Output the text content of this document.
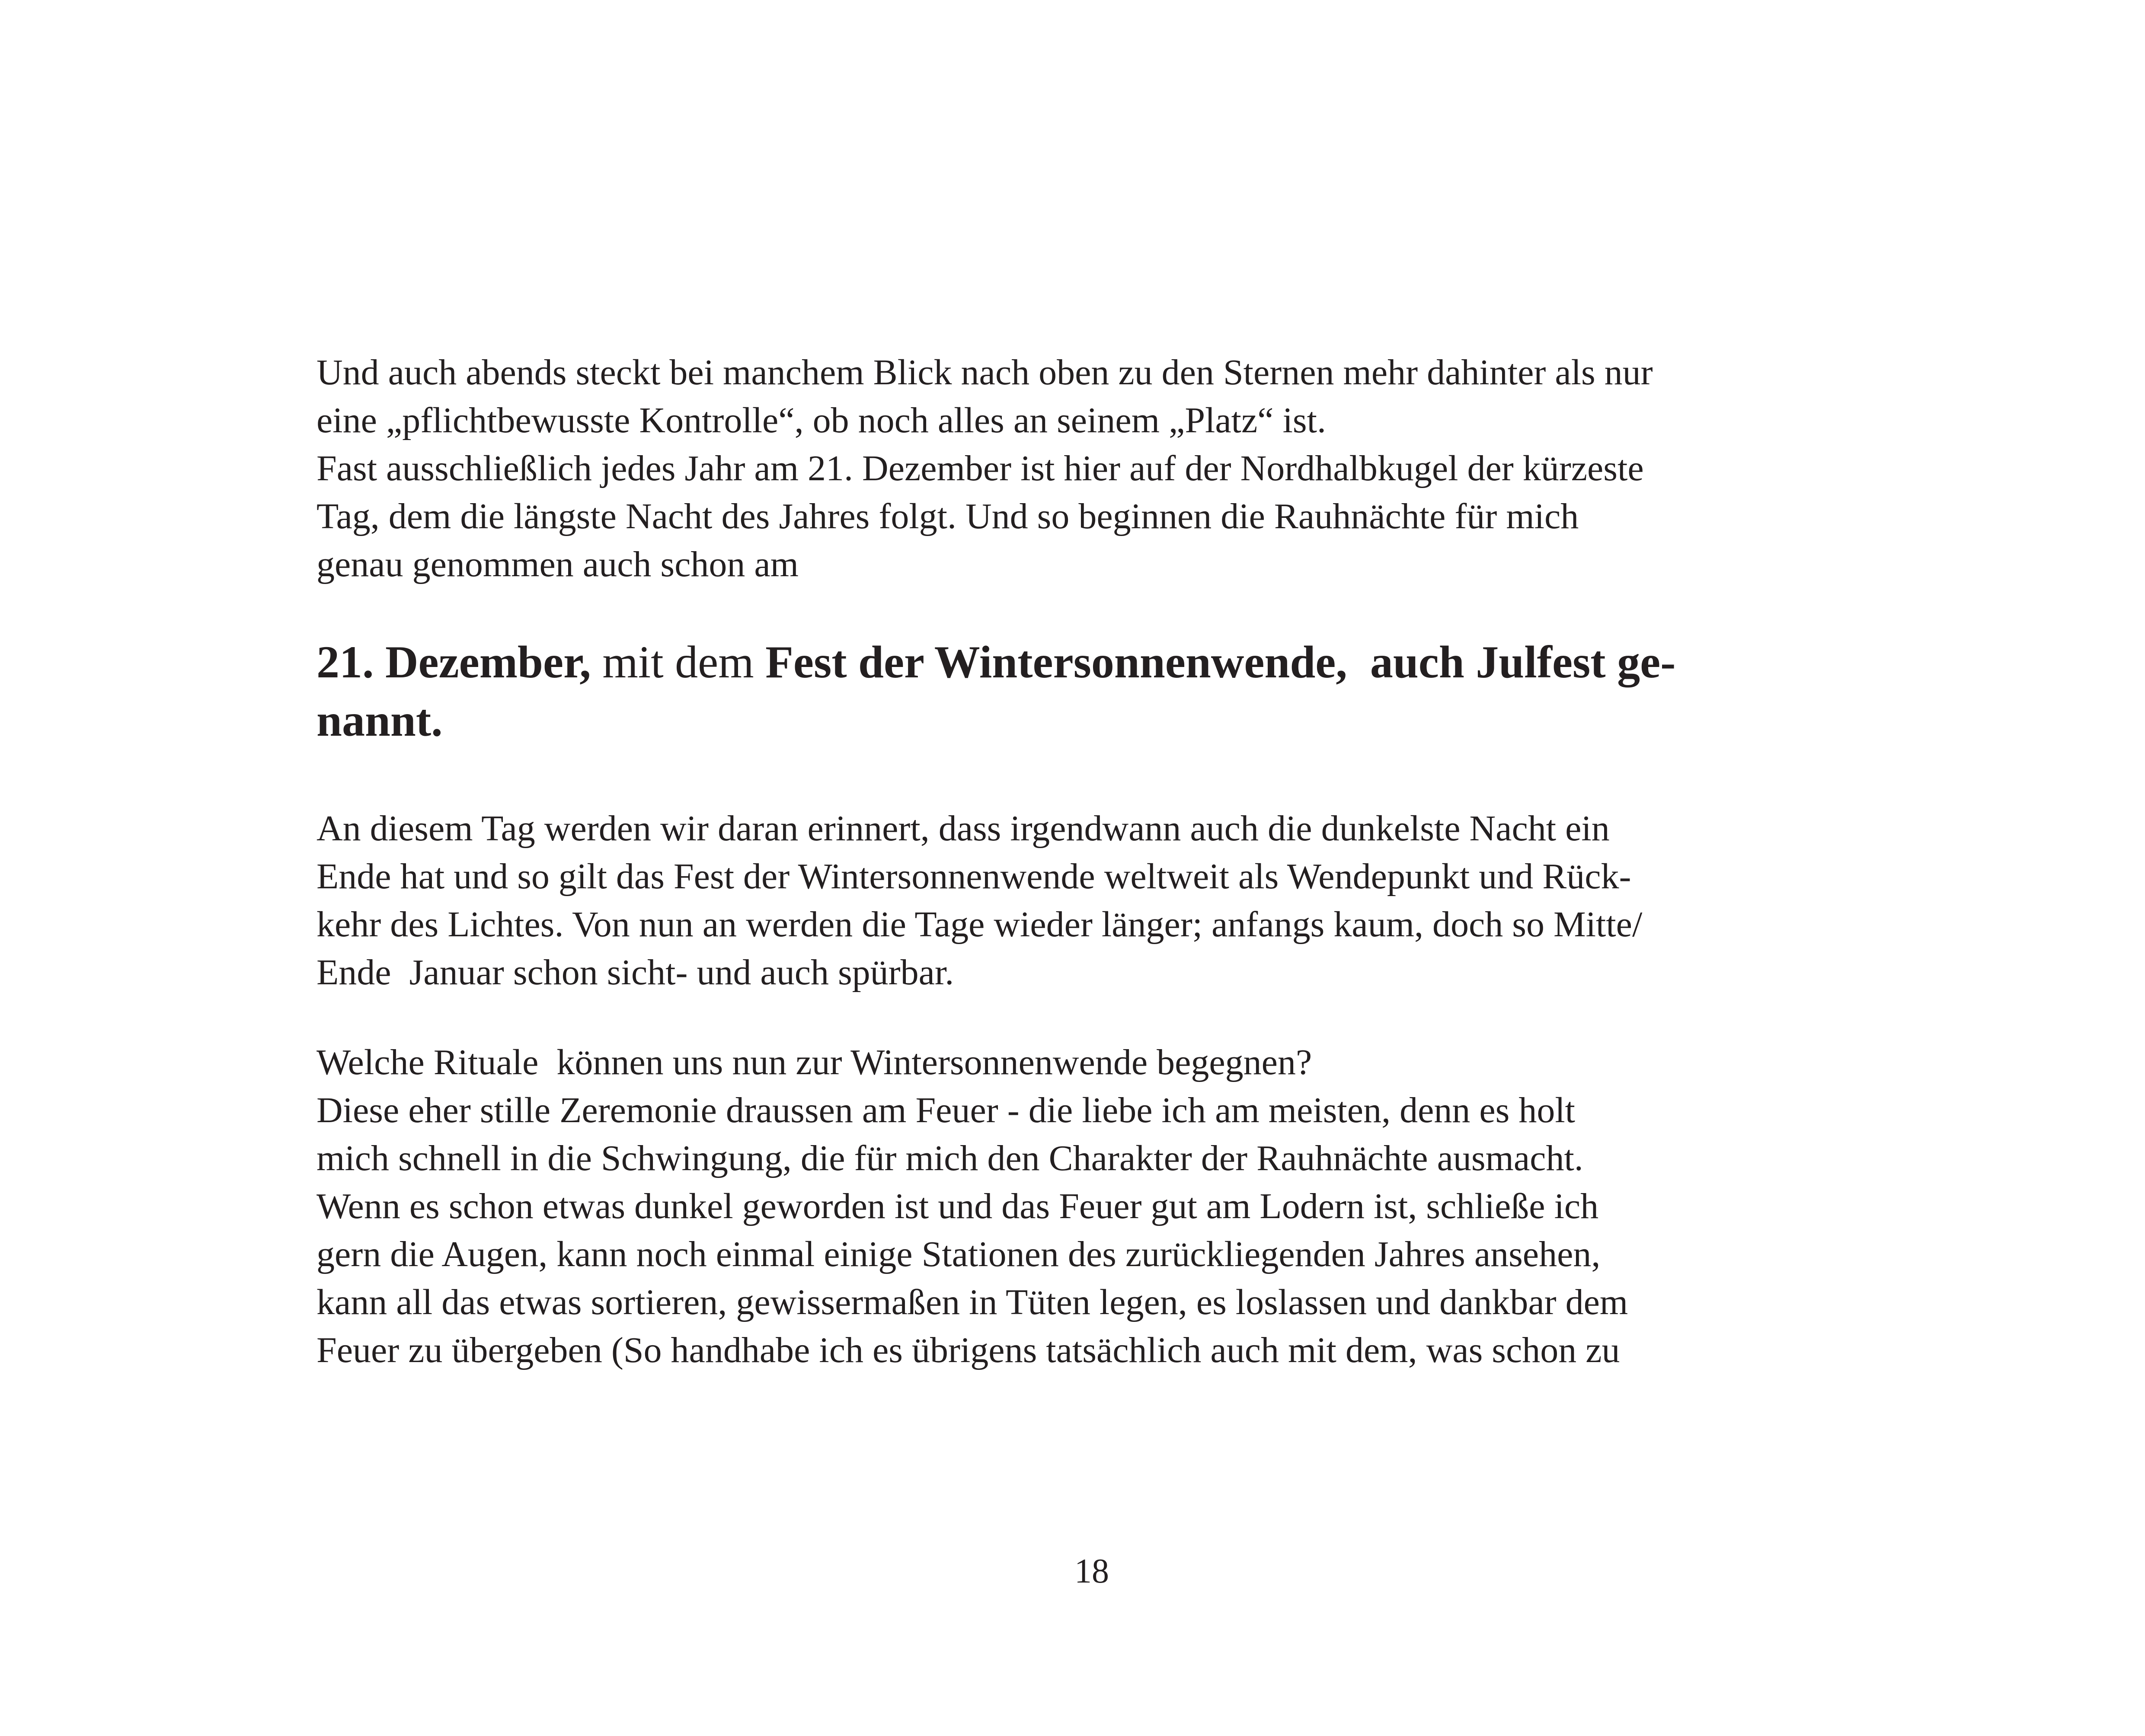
Und auch abends steckt bei manchem Blick nach oben zu den Sternen mehr dahinter als nur
eine „pflichtbewusste Kontrolle“, ob noch alles an seinem „Platz“ ist.
Fast ausschließlich jedes Jahr am 21. Dezember ist hier auf der Nordhalbkugel der kürzeste
Tag, dem die längste Nacht des Jahres folgt. Und so beginnen die Rauhnächte für mich
genau genommen auch schon am

21. Dezember, mit dem Fest der Wintersonnenwende,  auch Julfest ge-
nannt.

An diesem Tag werden wir daran erinnert, dass irgendwann auch die dunkelste Nacht ein
Ende hat und so gilt das Fest der Wintersonnenwende weltweit als Wendepunkt und Rück-
kehr des Lichtes. Von nun an werden die Tage wieder länger; anfangs kaum, doch so Mitte/
Ende  Januar schon sicht- und auch spürbar.

Welche Rituale  können uns nun zur Wintersonnenwende begegnen?
Diese eher stille Zeremonie draussen am Feuer - die liebe ich am meisten, denn es holt
mich schnell in die Schwingung, die für mich den Charakter der Rauhnächte ausmacht.
Wenn es schon etwas dunkel geworden ist und das Feuer gut am Lodern ist, schließe ich
gern die Augen, kann noch einmal einige Stationen des zurückliegenden Jahres ansehen,
kann all das etwas sortieren, gewissermaßen in Tüten legen, es loslassen und dankbar dem
Feuer zu übergeben (So handhabe ich es übrigens tatsächlich auch mit dem, was schon zu

18
